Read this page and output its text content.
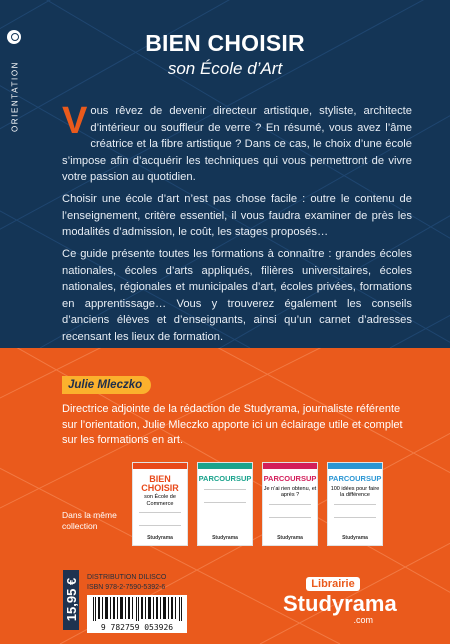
ORIENTATION
BIEN CHOISIR
son École d’Art
Vous rêvez de devenir directeur artistique, styliste, architecte d’intérieur ou souffleur de verre ? En résumé, vous avez l’âme créatrice et la fibre artistique ? Dans ce cas, le choix d’une école s’impose afin d’acquérir les techniques qui vous permettront de vivre votre passion au quotidien.
Choisir une école d’art n’est pas chose facile : outre le contenu de l’enseignement, critère essentiel, il vous faudra examiner de près les modalités d’admission, le coût, les stages proposés…
Ce guide présente toutes les formations à connaître : grandes écoles nationales, écoles d’arts appliqués, filières universitaires, écoles nationales, régionales et municipales d’art, écoles privées, formations en apprentissage… Vous y trouverez également les conseils d’anciens élèves et d’enseignants, ainsi qu’un carnet d’adresses recensant les lieux de formation.
Julie Mleczko
Directrice adjointe de la rédaction de Studyrama, journaliste référente sur l’orientation, Julie Mleczko apporte ici un éclairage utile et complet sur les formations en art.
Dans la même collection
BIEN CHOISIR
son École de Commerce
Studyrama
PARCOURSUP
Studyrama
PARCOURSUP
Je n’ai rien obtenu, et après ?
Studyrama
PARCOURSUP
100 idées pour faire la différence
Studyrama
15,95 €
DISTRIBUTION DILISCO
ISBN 978-2-7590-5392-6
9 782759 053926
Librairie
Studyrama
.com
